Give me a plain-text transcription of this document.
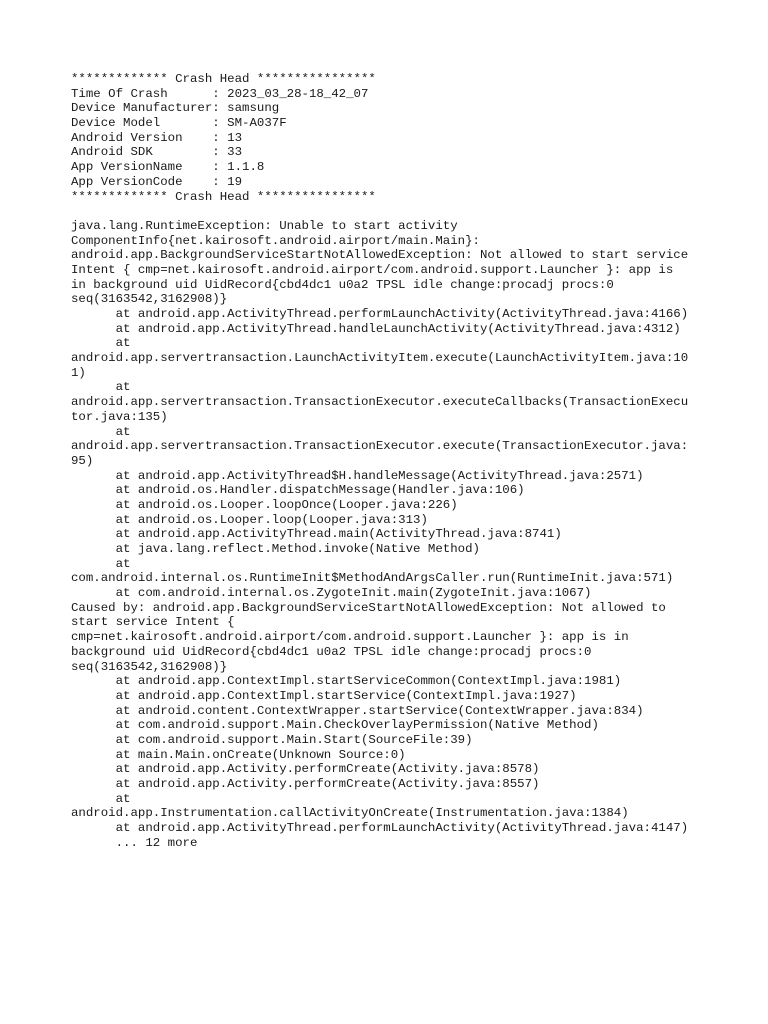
************* Crash Head ****************
Time Of Crash      : 2023_03_28-18_42_07
Device Manufacturer: samsung
Device Model       : SM-A037F
Android Version    : 13
Android SDK        : 33
App VersionName    : 1.1.8
App VersionCode    : 19
************* Crash Head ****************
java.lang.RuntimeException: Unable to start activity
ComponentInfo{net.kairosoft.android.airport/main.Main}:
android.app.BackgroundServiceStartNotAllowedException: Not allowed to start service
Intent { cmp=net.kairosoft.android.airport/com.android.support.Launcher }: app is
in background uid UidRecord{cbd4dc1 u0a2 TPSL idle change:procadj procs:0
seq(3163542,3162908)}
at android.app.ActivityThread.performLaunchActivity(ActivityThread.java:4166)
at android.app.ActivityThread.handleLaunchActivity(ActivityThread.java:4312)
at
android.app.servertransaction.LaunchActivityItem.execute(LaunchActivityItem.java:10
1)
at
android.app.servertransaction.TransactionExecutor.executeCallbacks(TransactionExecu
tor.java:135)
at
android.app.servertransaction.TransactionExecutor.execute(TransactionExecutor.java:
95)
at android.app.ActivityThread$H.handleMessage(ActivityThread.java:2571)
at android.os.Handler.dispatchMessage(Handler.java:106)
at android.os.Looper.loopOnce(Looper.java:226)
at android.os.Looper.loop(Looper.java:313)
at android.app.ActivityThread.main(ActivityThread.java:8741)
at java.lang.reflect.Method.invoke(Native Method)
at
com.android.internal.os.RuntimeInit$MethodAndArgsCaller.run(RuntimeInit.java:571)
at com.android.internal.os.ZygoteInit.main(ZygoteInit.java:1067)
Caused by: android.app.BackgroundServiceStartNotAllowedException: Not allowed to
start service Intent {
cmp=net.kairosoft.android.airport/com.android.support.Launcher }: app is in
background uid UidRecord{cbd4dc1 u0a2 TPSL idle change:procadj procs:0
seq(3163542,3162908)}
at android.app.ContextImpl.startServiceCommon(ContextImpl.java:1981)
at android.app.ContextImpl.startService(ContextImpl.java:1927)
at android.content.ContextWrapper.startService(ContextWrapper.java:834)
at com.android.support.Main.CheckOverlayPermission(Native Method)
at com.android.support.Main.Start(SourceFile:39)
at main.Main.onCreate(Unknown Source:0)
at android.app.Activity.performCreate(Activity.java:8578)
at android.app.Activity.performCreate(Activity.java:8557)
at
android.app.Instrumentation.callActivityOnCreate(Instrumentation.java:1384)
at android.app.ActivityThread.performLaunchActivity(ActivityThread.java:4147)
... 12 more
